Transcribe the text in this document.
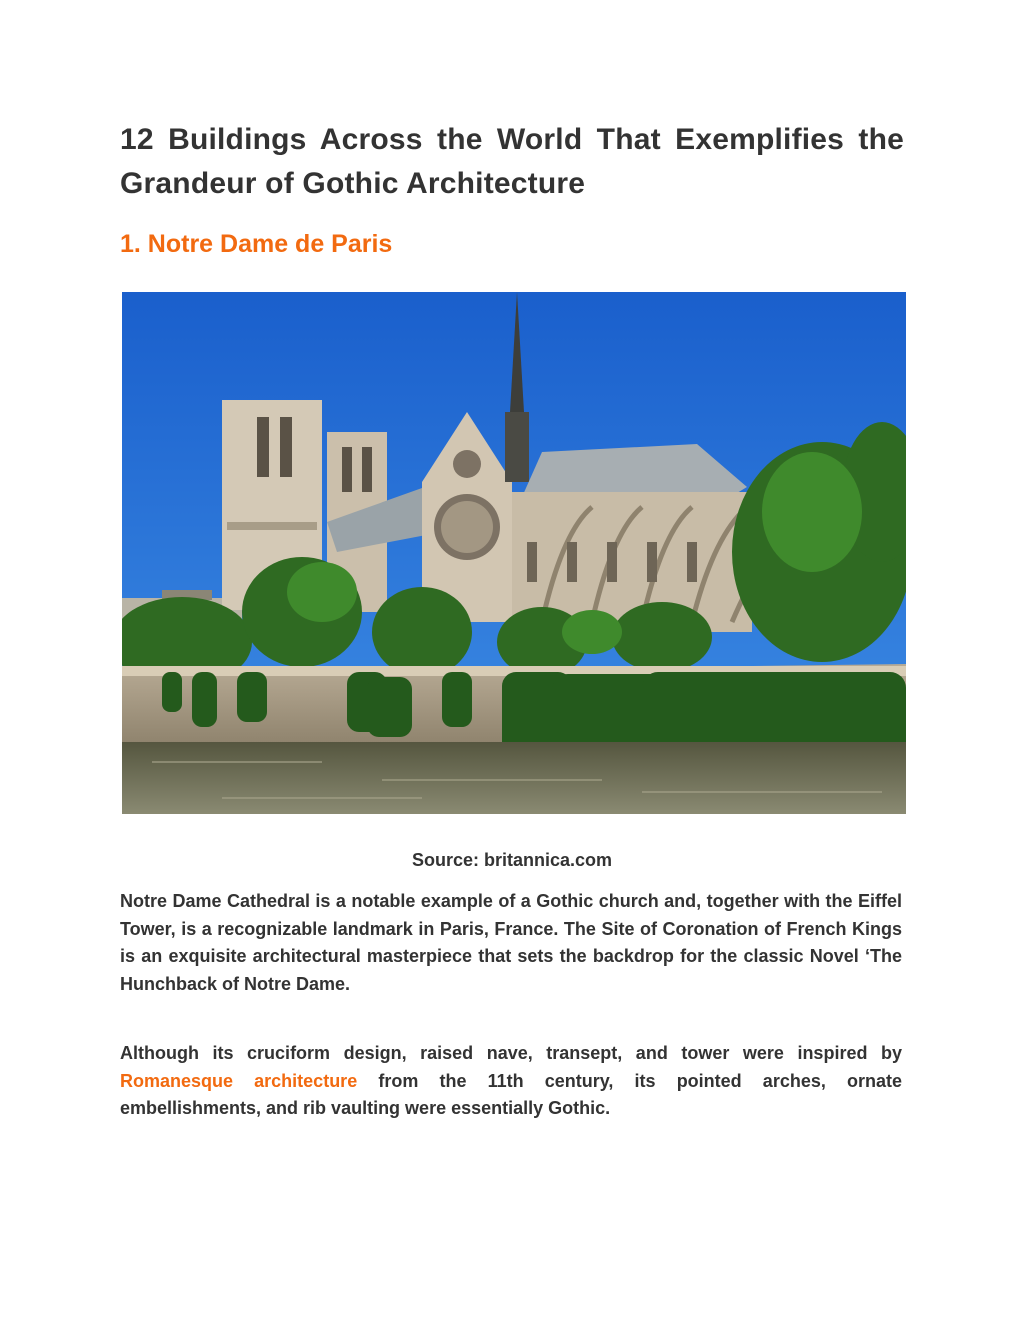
12 Buildings Across the World That Exemplifies the Grandeur of Gothic Architecture
1. Notre Dame de Paris
Source: britannica.com

Notre Dame Cathedral is a notable example of a Gothic church and, together with the Eiffel Tower, is a recognizable landmark in Paris, France. The Site of Coronation of French Kings is an exquisite architectural masterpiece that sets the backdrop for the classic Novel ‘The Hunchback of Notre Dame.

Although its cruciform design, raised nave, transept, and tower were inspired by Romanesque architecture from the 11th century, its pointed arches, ornate embellishments, and rib vaulting were essentially Gothic.
